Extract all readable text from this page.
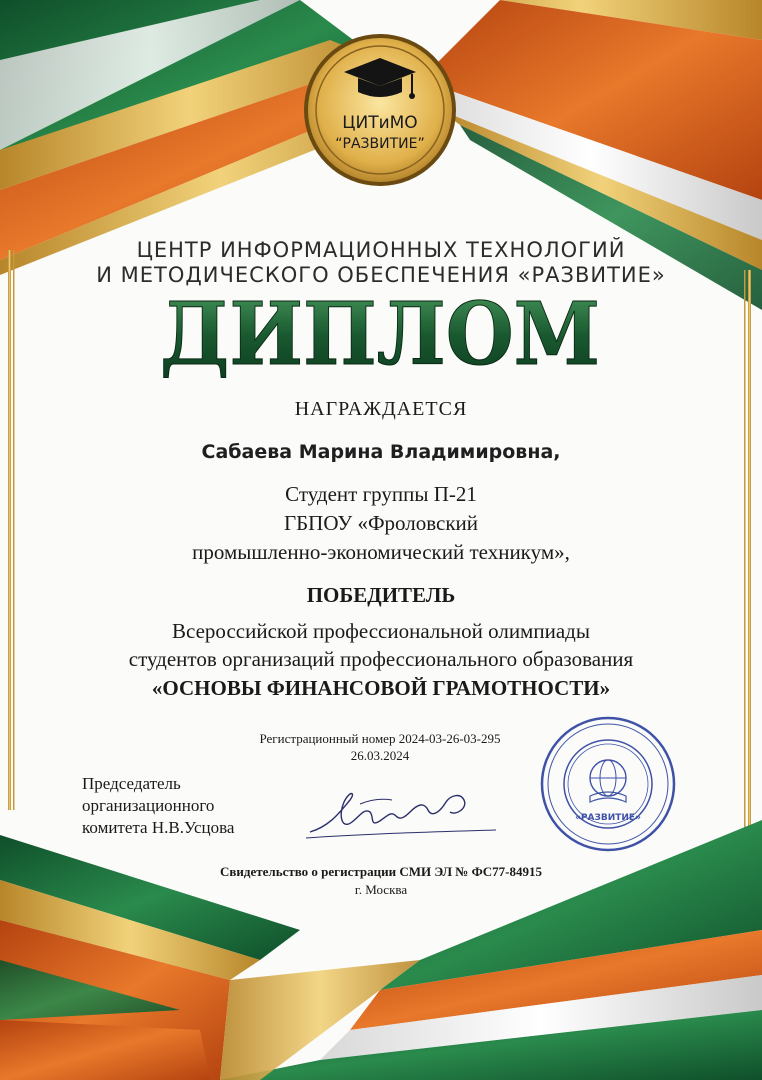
ЦИТиМО
“РАЗВИТИЕ”
ЦЕНТР ИНФОРМАЦИОННЫХ ТЕХНОЛОГИЙ
И МЕТОДИЧЕСКОГО ОБЕСПЕЧЕНИЯ «РАЗВИТИЕ»
ДИПЛОМ
НАГРАЖДАЕТСЯ
Сабаева Марина Владимировна,
Студент группы П-21
ГБПОУ «Фроловский
промышленно-экономический техникум»,
ПОБЕДИТЕЛЬ
Всероссийской профессиональной олимпиады
студентов организаций профессионального образования
«ОСНОВЫ ФИНАНСОВОЙ ГРАМОТНОСТИ»
Регистрационный номер 2024-03-26-03-295
26.03.2024
Председатель
организационного
комитета Н.В.Усцова	«РАЗВИТИЕ»
Свидетельство о регистрации СМИ ЭЛ № ФС77-84915
г. Москва
